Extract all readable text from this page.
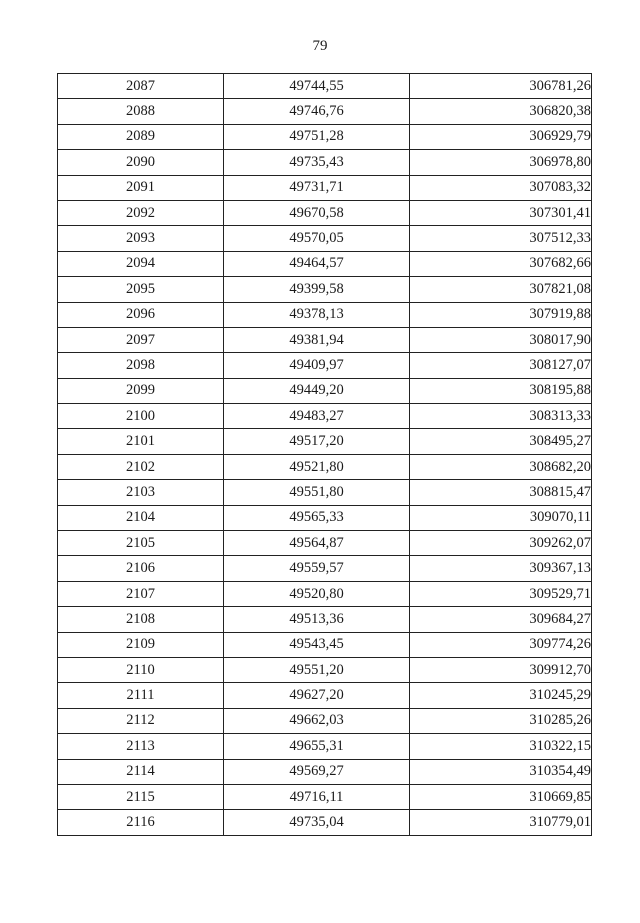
79
2087	49744,55	306781,26
2088	49746,76	306820,38
2089	49751,28	306929,79
2090	49735,43	306978,80
2091	49731,71	307083,32
2092	49670,58	307301,41
2093	49570,05	307512,33
2094	49464,57	307682,66
2095	49399,58	307821,08
2096	49378,13	307919,88
2097	49381,94	308017,90
2098	49409,97	308127,07
2099	49449,20	308195,88
2100	49483,27	308313,33
2101	49517,20	308495,27
2102	49521,80	308682,20
2103	49551,80	308815,47
2104	49565,33	309070,11
2105	49564,87	309262,07
2106	49559,57	309367,13
2107	49520,80	309529,71
2108	49513,36	309684,27
2109	49543,45	309774,26
2110	49551,20	309912,70
2111	49627,20	310245,29
2112	49662,03	310285,26
2113	49655,31	310322,15
2114	49569,27	310354,49
2115	49716,11	310669,85
2116	49735,04	310779,01
